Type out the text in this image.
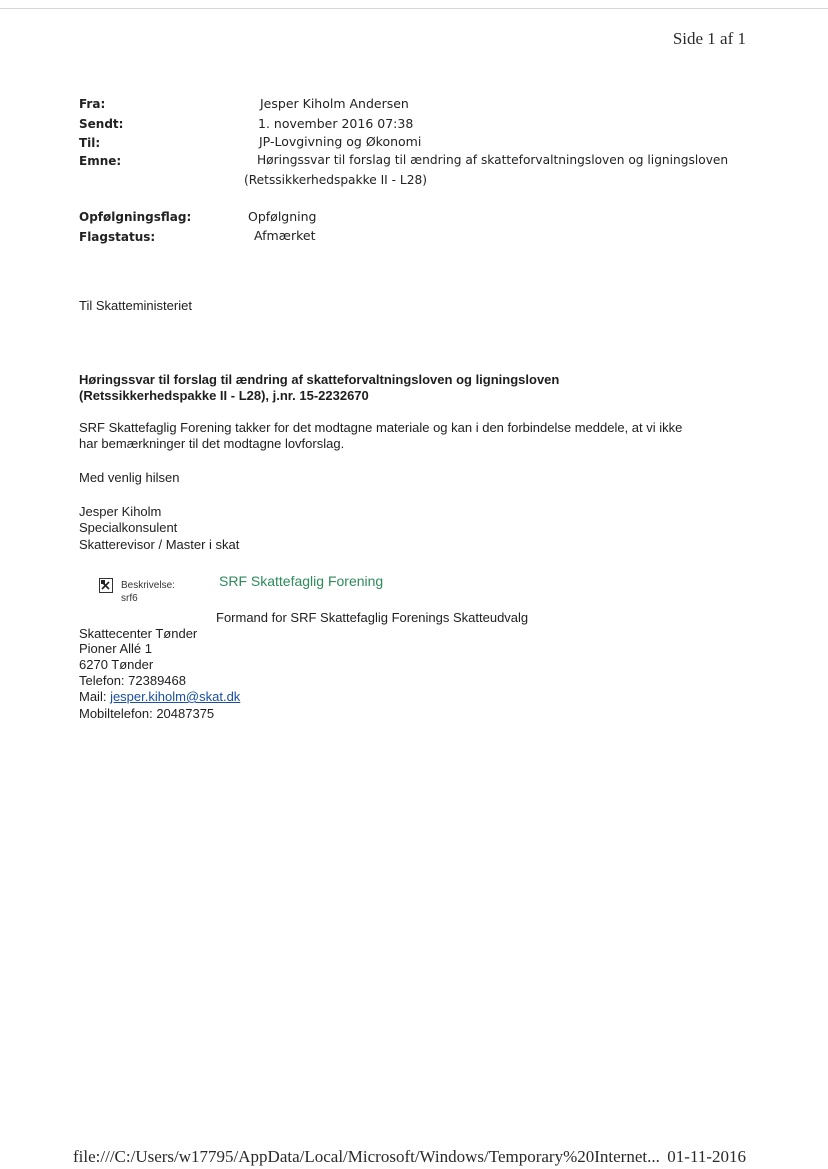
Side 1 af 1
Fra:	Jesper Kiholm Andersen
Sendt:	1. november 2016 07:38
Til:	JP-Lovgivning og Økonomi
Emne:	Høringssvar til forslag til ændring af skatteforvaltningsloven og ligningsloven
(Retssikkerhedspakke II - L28)
Opfølgningsflag:	Opfølgning
Flagstatus:	Afmærket
Til Skatteministeriet
Høringssvar til forslag til ændring af skatteforvaltningsloven og ligningsloven
(Retssikkerhedspakke II - L28), j.nr. 15-2232670
SRF Skattefaglig Forening takker for det modtagne materiale og kan i den forbindelse meddele, at vi ikke
har bemærkninger til det modtagne lovforslag.
Med venlig hilsen
Jesper Kiholm
Specialkonsulent
Skatterevisor / Master i skat
Beskrivelse:
srf6
SRF Skattefaglig Forening
Formand for SRF Skattefaglig Forenings Skatteudvalg
Skattecenter Tønder
Pioner Allé 1
6270 Tønder
Telefon: 72389468
Mail: jesper.kiholm@skat.dk
Mobiltelefon: 20487375
file:///C:/Users/w17795/AppData/Local/Microsoft/Windows/Temporary%20Internet... 01-11-2016
